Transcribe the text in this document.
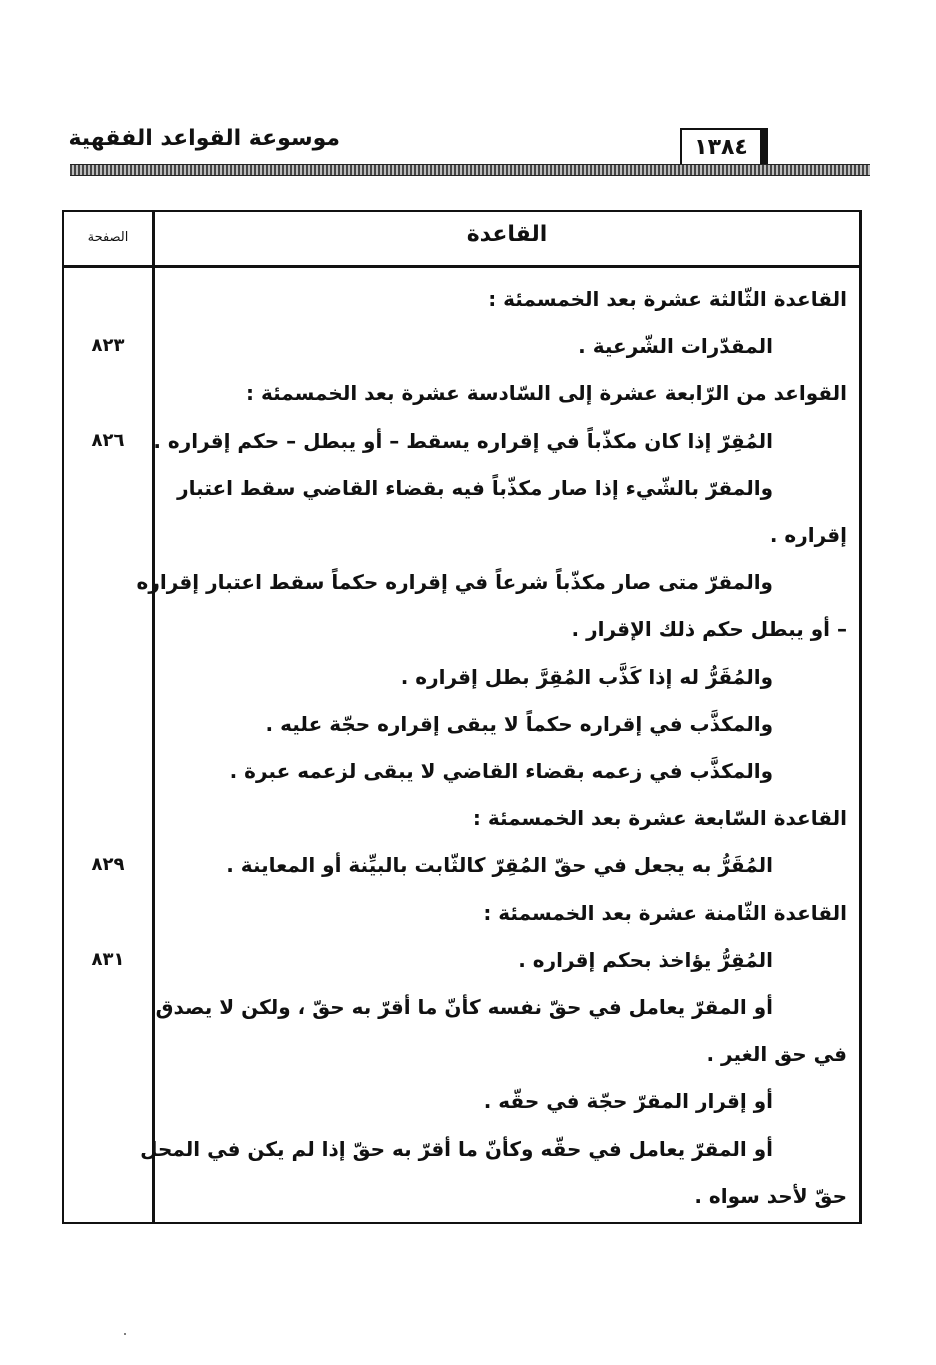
١٣٨٤
موسوعة القواعد الفقهية
القاعدة
الصفحة
القاعدة الثّالثة عشرة بعد الخمسمئة :
المقدّرات الشّرعية .
٨٢٣
القواعد من الرّابعة عشرة إلى السّادسة عشرة بعد الخمسمئة :
المُقِرّ إذا كان مكذّباً في إقراره يسقط – أو يبطل – حكم إقراره .
٨٢٦
والمقرّ بالشّيء إذا صار مكذّباً فيه بقضاء القاضي سقط اعتبار
إقراره .
والمقرّ متى صار مكذّباً شرعاً في إقراره حكماً سقط اعتبار إقراره
– أو يبطل حكم ذلك الإقرار .
والمُقَرُّ له إذا كَذَّب المُقِرَّ بطل إقراره .
والمكذَّب في إقراره حكماً لا يبقى إقراره حجّة عليه .
والمكذَّب في زعمه بقضاء القاضي لا يبقى لزعمه عبرة .
القاعدة السّابعة عشرة بعد الخمسمئة :
المُقَرُّ به يجعل في حقّ المُقِرّ كالثّابت بالبيِّنة أو المعاينة .
٨٢٩
القاعدة الثّامنة عشرة بعد الخمسمئة :
المُقِرُّ يؤاخذ بحكم إقراره .
٨٣١
أو المقرّ يعامل في حقّ نفسه كأنّ ما أقرّ به حقّ ، ولكن لا يصدق
في حق الغير .
أو إقرار المقرّ حجّة في حقّه .
أو المقرّ يعامل في حقّه وكأنّ ما أقرّ به حقّ إذا لم يكن في المحل
حقّ لأحد سواه .
